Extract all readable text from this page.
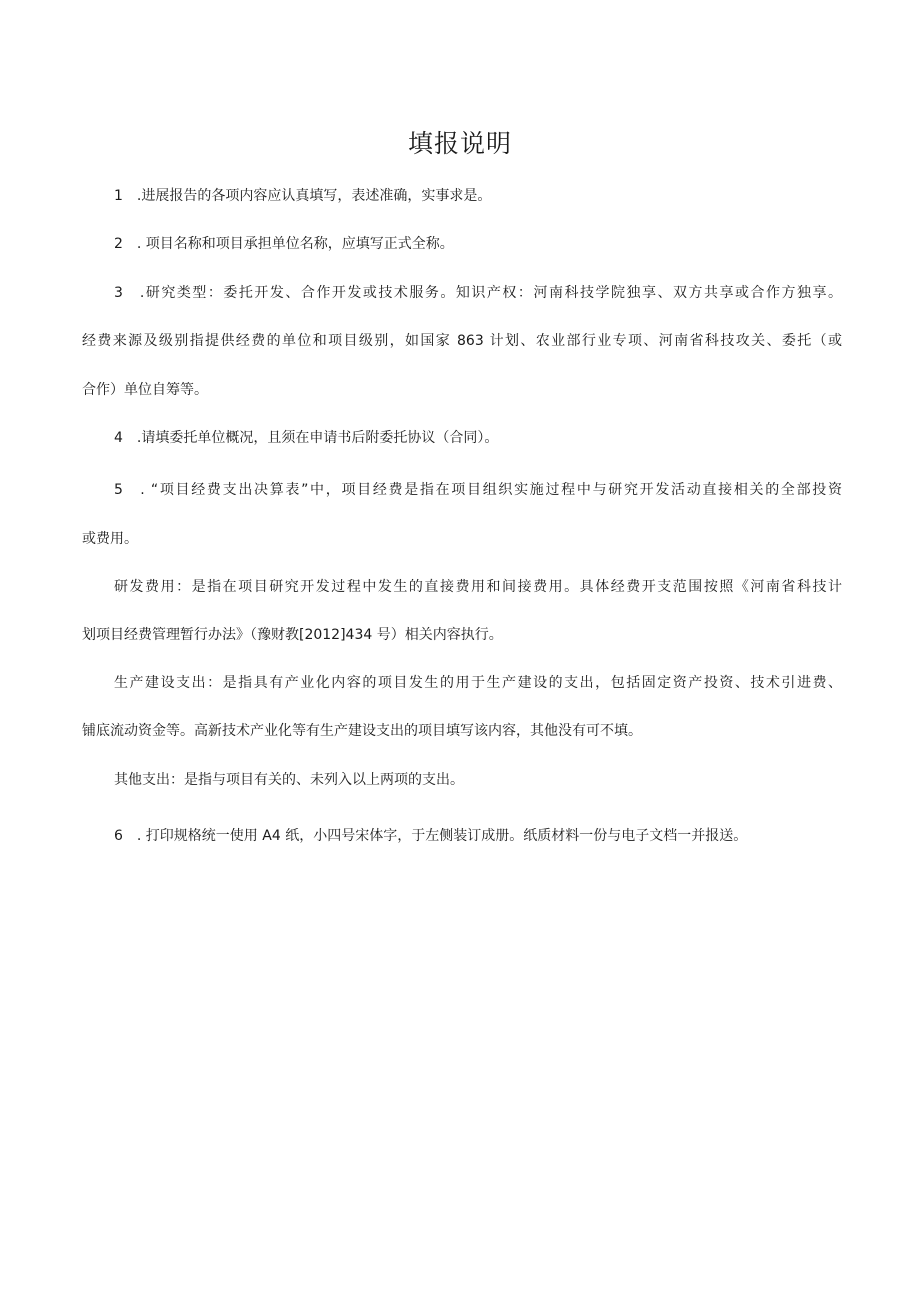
填报说明
1　.进展报告的各项内容应认真填写，表述准确，实事求是。
2　. 项目名称和项目承担单位名称，应填写正式全称。
3　.研究类型：委托开发、合作开发或技术服务。知识产权：河南科技学院独享、双方共享或合作方独享。
经费来源及级别指提供经费的单位和项目级别，如国家 863 计划、农业部行业专项、河南省科技攻关、委托（或
合作）单位自筹等。
4　.请填委托单位概况，且须在申请书后附委托协议（合同）。
5　. “项目经费支出决算表”中，项目经费是指在项目组织实施过程中与研究开发活动直接相关的全部投资
或费用。
研发费用：是指在项目研究开发过程中发生的直接费用和间接费用。具体经费开支范围按照《河南省科技计
划项目经费管理暂行办法》（豫财教[2012]434 号）相关内容执行。
生产建设支出：是指具有产业化内容的项目发生的用于生产建设的支出，包括固定资产投资、技术引进费、
铺底流动资金等。高新技术产业化等有生产建设支出的项目填写该内容，其他没有可不填。
其他支出：是指与项目有关的、未列入以上两项的支出。
6　. 打印规格统一使用 A4 纸，小四号宋体字，于左侧装订成册。纸质材料一份与电子文档一并报送。
